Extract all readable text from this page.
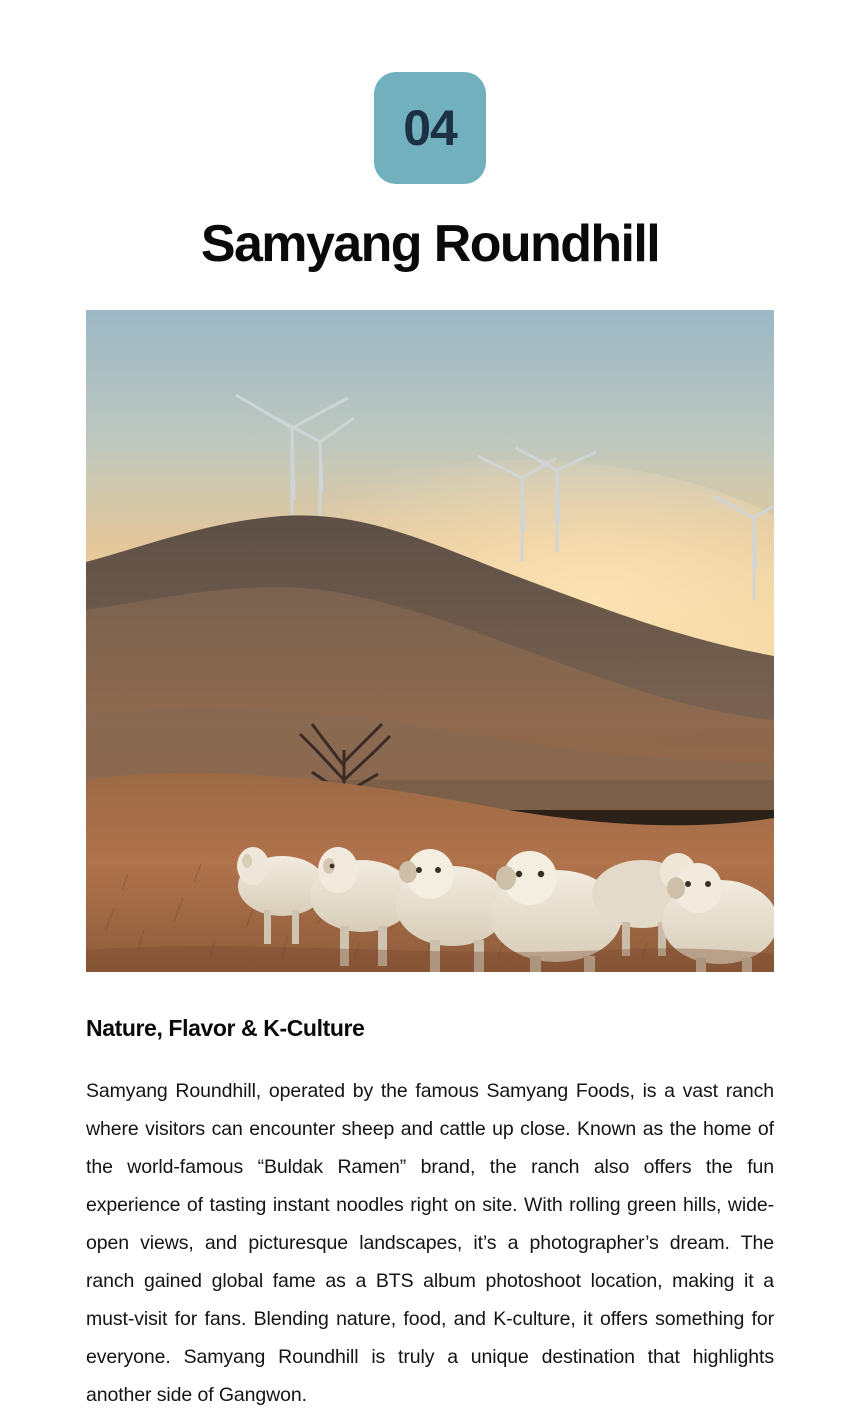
04
Samyang Roundhill
Nature, Flavor & K-Culture

Samyang Roundhill, operated by the famous Samyang Foods, is a vast ranch where visitors can encounter sheep and cattle up close. Known as the home of the world-famous “Buldak Ramen” brand, the ranch also offers the fun experience of tasting instant noodles right on site. With rolling green hills, wide-open views, and picturesque landscapes, it’s a photographer’s dream. The ranch gained global fame as a BTS album photoshoot location, making it a must-visit for fans. Blending nature, food, and K-culture, it offers something for everyone. Samyang Roundhill is truly a unique destination that highlights another side of Gangwon.
